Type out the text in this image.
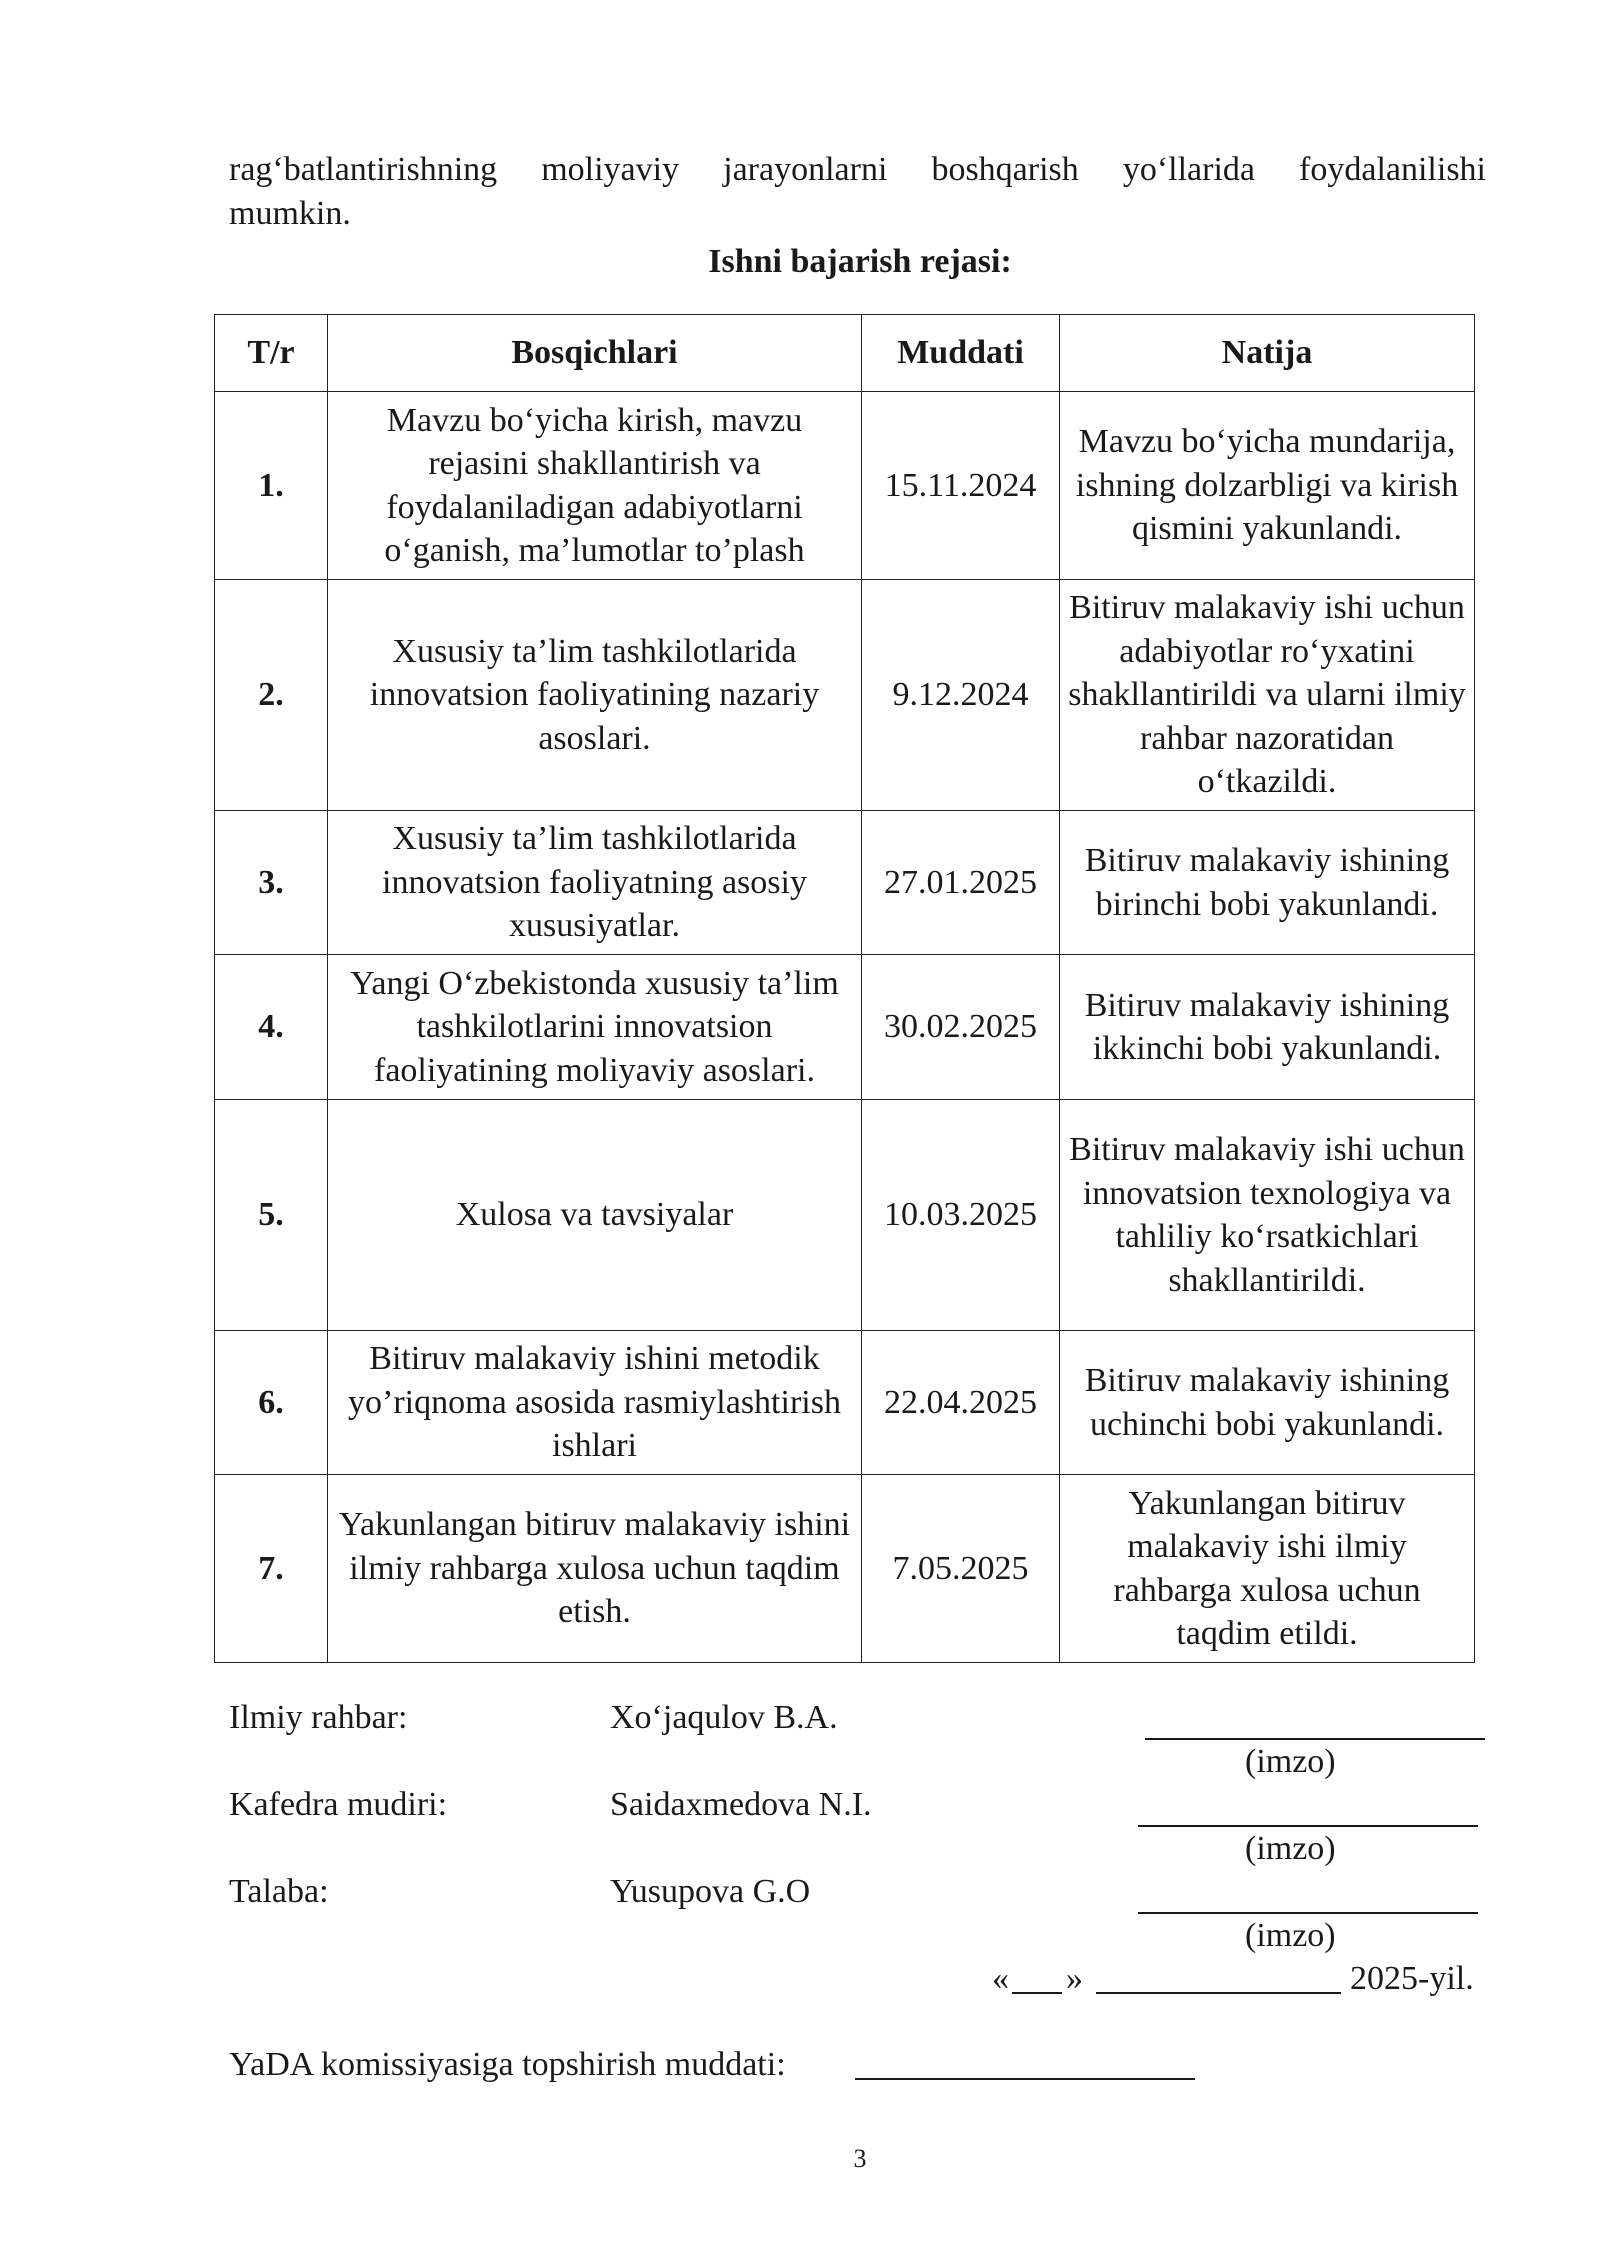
rag‘batlantirishning moliyaviy jarayonlarni boshqarish yo‘llarida foydalanilishi
mumkin.
Ishni bajarish rejasi:
T/r	Bosqichlari	Muddati	Natija
1.	Mavzu bo‘yicha kirish, mavzu rejasini shakllantirish va foydalaniladigan adabiyotlarni o‘ganish, ma’lumotlar to’plash	15.11.2024	Mavzu bo‘yicha mundarija, ishning dolzarbligi va kirish qismini yakunlandi.
2.	Xususiy ta’lim tashkilotlarida innovatsion faoliyatining nazariy asoslari.	9.12.2024	Bitiruv malakaviy ishi uchun adabiyotlar ro‘yxatini shakllantirildi va ularni ilmiy rahbar nazoratidan o‘tkazildi.
3.	Xususiy ta’lim tashkilotlarida innovatsion faoliyatning asosiy xususiyatlar.	27.01.2025	Bitiruv malakaviy ishining birinchi bobi yakunlandi.
4.	Yangi O‘zbekistonda xususiy ta’lim tashkilotlarini innovatsion faoliyatining moliyaviy asoslari.	30.02.2025	Bitiruv malakaviy ishining ikkinchi bobi yakunlandi.
5.	Xulosa va tavsiyalar	10.03.2025	Bitiruv malakaviy ishi uchun innovatsion texnologiya va tahliliy ko‘rsatkichlari shakllantirildi.
6.	Bitiruv malakaviy ishini metodik yo’riqnoma asosida rasmiylashtirish ishlari	22.04.2025	Bitiruv malakaviy ishining uchinchi bobi yakunlandi.
7.	Yakunlangan bitiruv malakaviy ishini ilmiy rahbarga xulosa uchun taqdim etish.	7.05.2025	Yakunlangan bitiruv malakaviy ishi ilmiy rahbarga xulosa uchun taqdim etildi.
Ilmiy rahbar:	Xo‘jaqulov B.A.
(imzo)
Kafedra mudiri:	Saidaxmedova N.I.
(imzo)
Talaba:	Yusupova G.O
(imzo)
« »	2025-yil.
YaDA komissiyasiga topshirish muddati:
3
